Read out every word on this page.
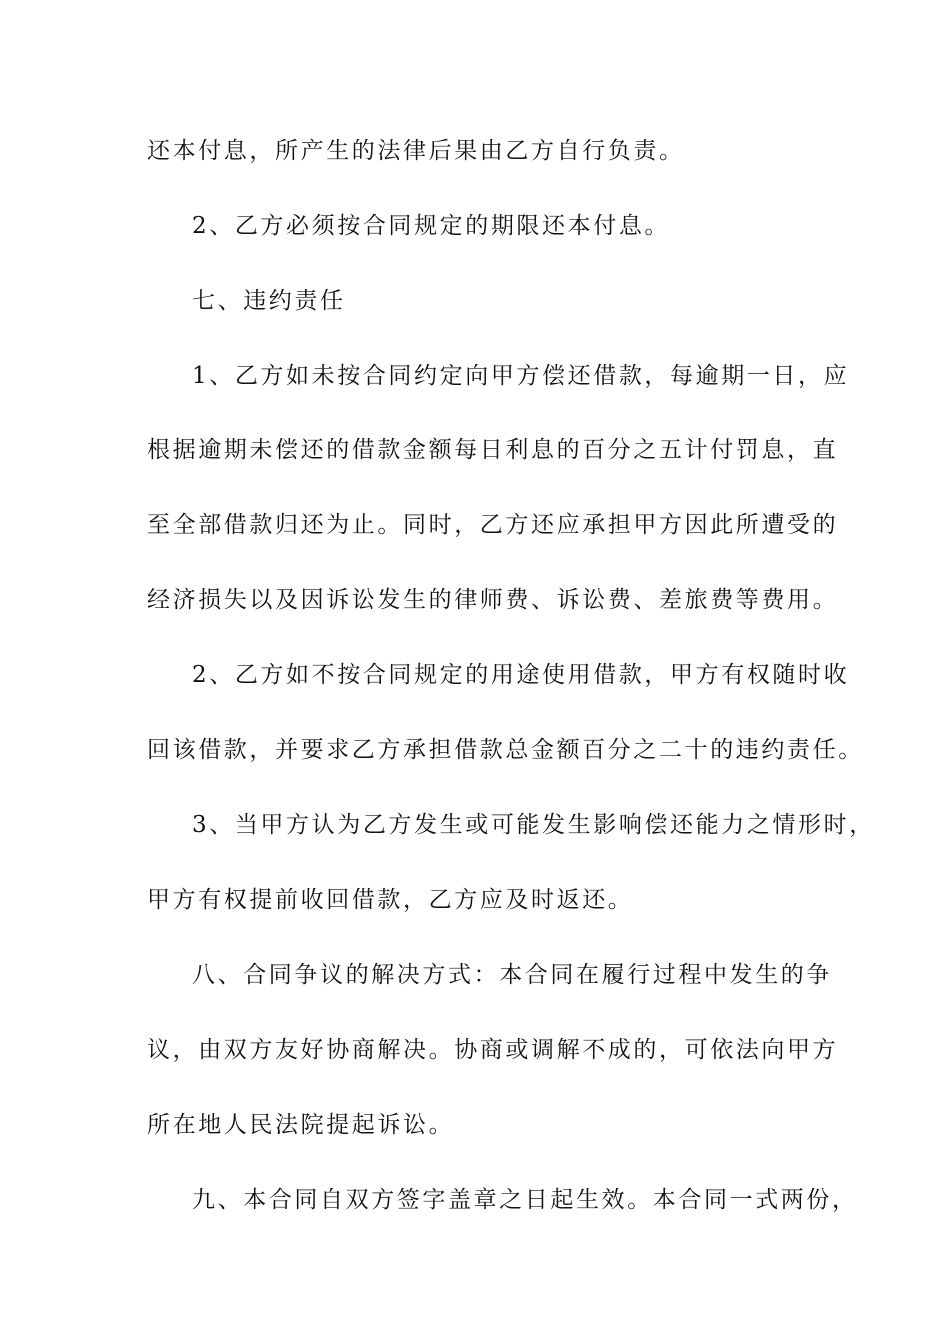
还本付息，所产生的法律后果由乙方自行负责。
2、乙方必须按合同规定的期限还本付息。
七、违约责任
1、乙方如未按合同约定向甲方偿还借款，每逾期一日，应
根据逾期未偿还的借款金额每日利息的百分之五计付罚息，直
至全部借款归还为止。同时，乙方还应承担甲方因此所遭受的
经济损失以及因诉讼发生的律师费、诉讼费、差旅费等费用。
2、乙方如不按合同规定的用途使用借款，甲方有权随时收
回该借款，并要求乙方承担借款总金额百分之二十的违约责任。
3、当甲方认为乙方发生或可能发生影响偿还能力之情形时，
甲方有权提前收回借款，乙方应及时返还。
八、合同争议的解决方式：本合同在履行过程中发生的争
议，由双方友好协商解决。协商或调解不成的，可依法向甲方
所在地人民法院提起诉讼。
九、本合同自双方签字盖章之日起生效。本合同一式两份，
